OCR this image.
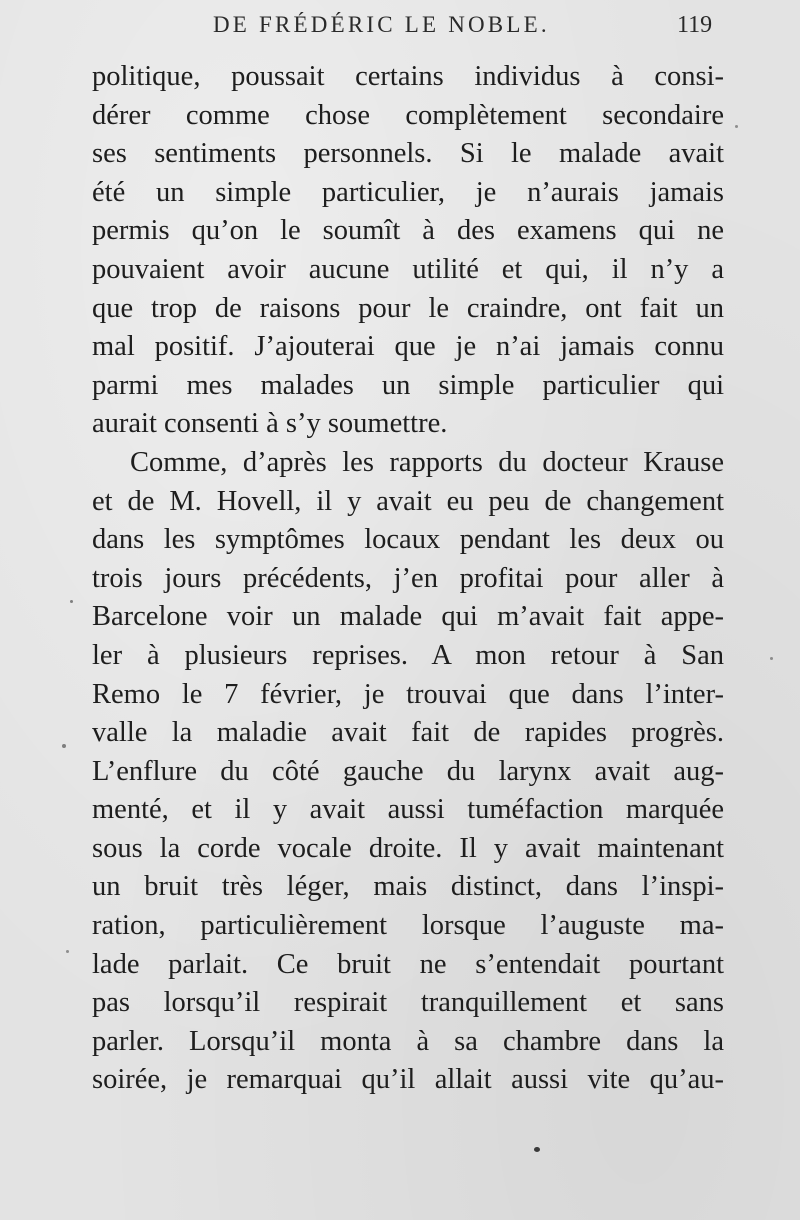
DE FRÉDÉRIC LE NOBLE.	119
politique, poussait certains individus à consi-
dérer comme chose complètement secondaire
ses sentiments personnels. Si le malade avait
été un simple particulier, je n’aurais jamais
permis qu’on le soumît à des examens qui ne
pouvaient avoir aucune utilité et qui, il n’y a
que trop de raisons pour le craindre, ont fait un
mal positif. J’ajouterai que je n’ai jamais connu
parmi mes malades un simple particulier qui
aurait consenti à s’y soumettre.
Comme, d’après les rapports du docteur Krause
et de M. Hovell, il y avait eu peu de changement
dans les symptômes locaux pendant les deux ou
trois jours précédents, j’en profitai pour aller à
Barcelone voir un malade qui m’avait fait appe-
ler à plusieurs reprises. A mon retour à San
Remo le 7 février, je trouvai que dans l’inter-
valle la maladie avait fait de rapides progrès.
L’enflure du côté gauche du larynx avait aug-
menté, et il y avait aussi tuméfaction marquée
sous la corde vocale droite. Il y avait maintenant
un bruit très léger, mais distinct, dans l’inspi-
ration, particulièrement lorsque l’auguste ma-
lade parlait. Ce bruit ne s’entendait pourtant
pas lorsqu’il respirait tranquillement et sans
parler. Lorsqu’il monta à sa chambre dans la
soirée, je remarquai qu’il allait aussi vite qu’au-
